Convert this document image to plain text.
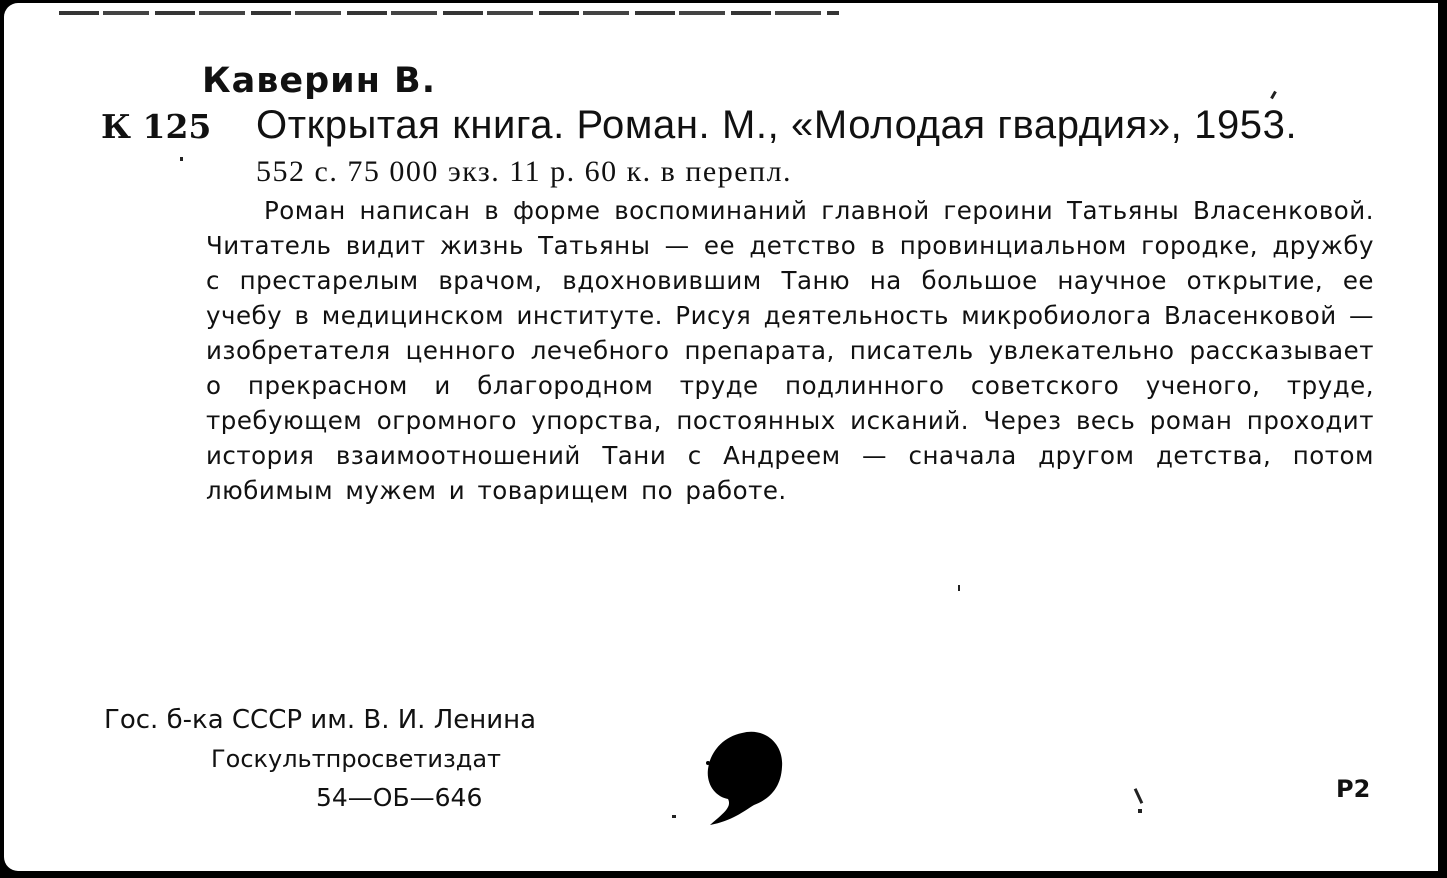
Каверин В.
К 125 Открытая книга. Роман. М., «Молодая гвардия», 1953.
552 с. 75 000 экз. 11 р. 60 к. в перепл.

Роман написан в форме воспоминаний главной героини Татьяны Власенковой. Читатель видит жизнь Татьяны — ее детство в провинциальном городке, дружбу с престарелым врачом, вдохновившим Таню на большое научное открытие, ее учебу в медицинском институте. Рисуя деятельность микробиолога Власенковой — изобретателя ценного лечебного препарата, писатель увлекательно рассказывает о прекрасном и благородном труде подлинного советского ученого, труде, требующем огромного упорства, постоянных исканий. Через весь роман проходит история взаимоотношений Тани с Андреем — сначала другом детства, потом любимым мужем и товарищем по работе.

Гос. б-ка СССР им. В. И. Ленина
Госкультпросветиздат
54—ОБ—646	Р2
